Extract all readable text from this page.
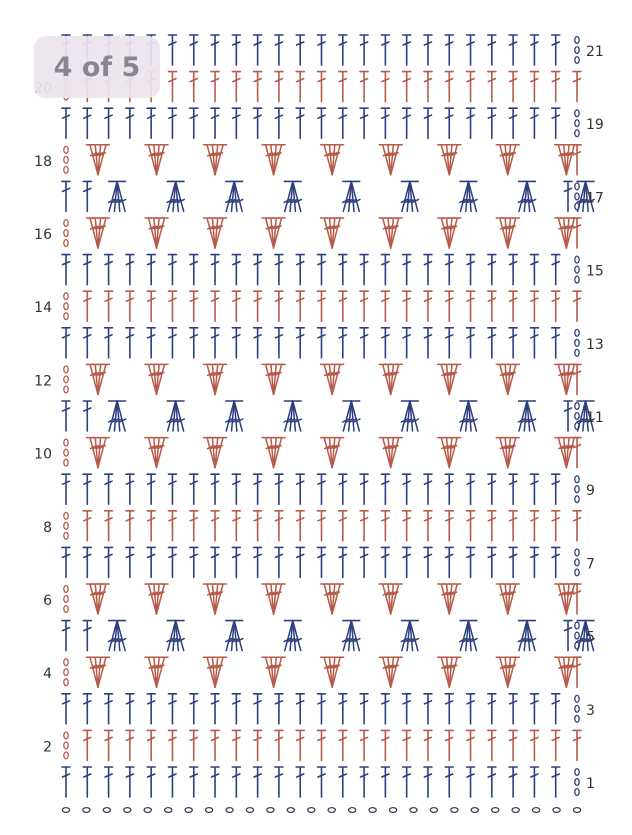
1
2
3
4
5
6
7
8
9
10
11
12
13
14
15
16
17
18
19
21
4 of 5
